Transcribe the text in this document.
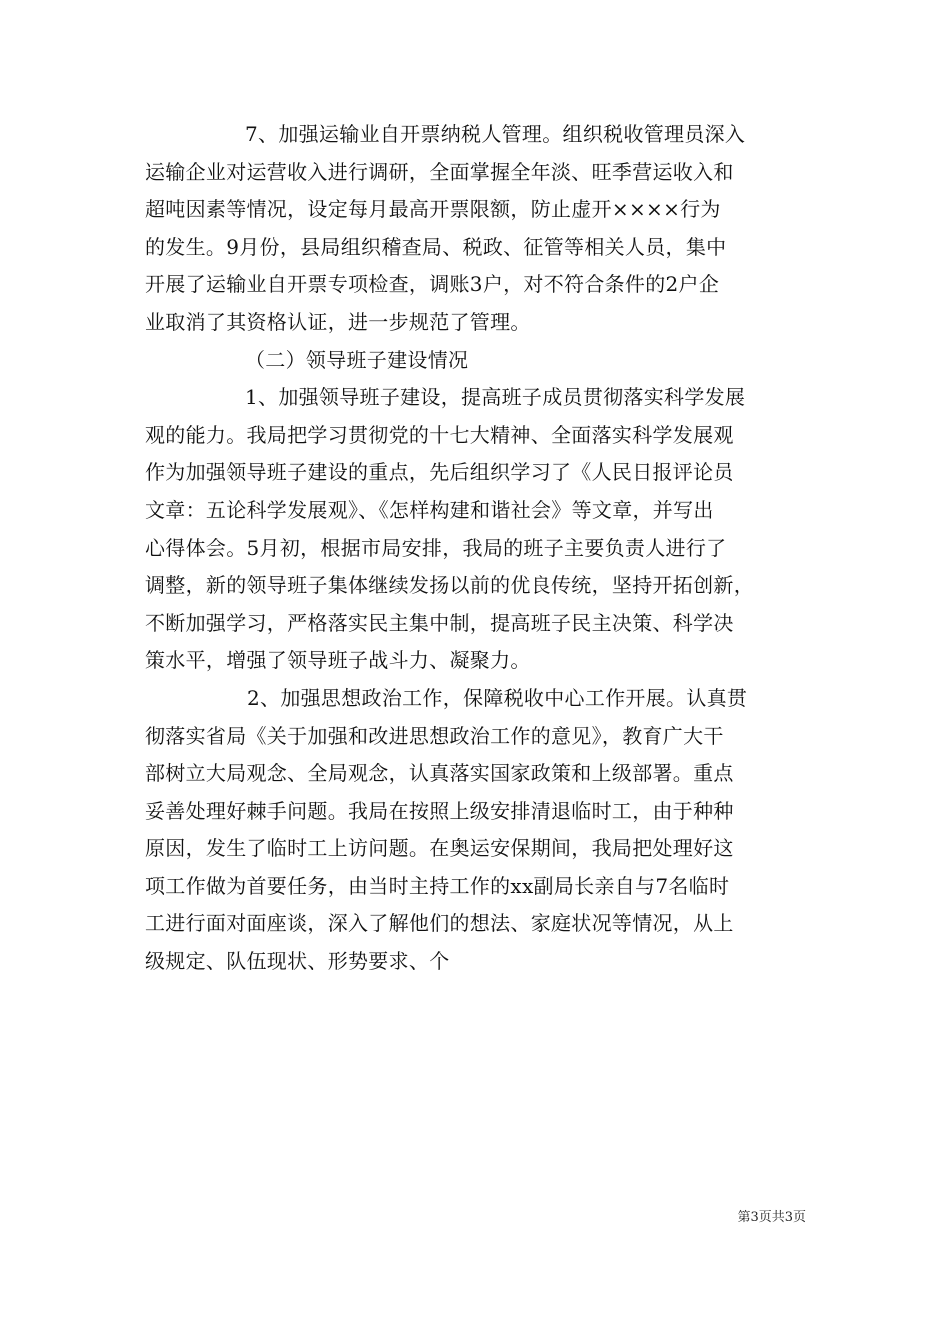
7、加强运输业自开票纳税人管理。组织税收管理员深入
运输企业对运营收入进行调研，全面掌握全年淡、旺季营运收入和
超吨因素等情况，设定每月最高开票限额，防止虚开××××行为
的发生。9月份，县局组织稽查局、税政、征管等相关人员，集中
开展了运输业自开票专项检查，调账3户，对不符合条件的2户企
业取消了其资格认证，进一步规范了管理。
（二）领导班子建设情况
1、加强领导班子建设，提高班子成员贯彻落实科学发展
观的能力。我局把学习贯彻党的十七大精神、全面落实科学发展观
作为加强领导班子建设的重点，先后组织学习了《人民日报评论员
文章：五论科学发展观》、《怎样构建和谐社会》等文章，并写出
心得体会。5月初，根据市局安排，我局的班子主要负责人进行了
调整，新的领导班子集体继续发扬以前的优良传统，坚持开拓创新，
不断加强学习，严格落实民主集中制，提高班子民主决策、科学决
策水平，增强了领导班子战斗力、凝聚力。
2、加强思想政治工作，保障税收中心工作开展。认真贯
彻落实省局《关于加强和改进思想政治工作的意见》，教育广大干
部树立大局观念、全局观念，认真落实国家政策和上级部署。重点
妥善处理好棘手问题。我局在按照上级安排清退临时工，由于种种
原因，发生了临时工上访问题。在奥运安保期间，我局把处理好这
项工作做为首要任务，由当时主持工作的xx副局长亲自与7名临时
工进行面对面座谈，深入了解他们的想法、家庭状况等情况，从上
级规定、队伍现状、形势要求、个
第3页共3页
